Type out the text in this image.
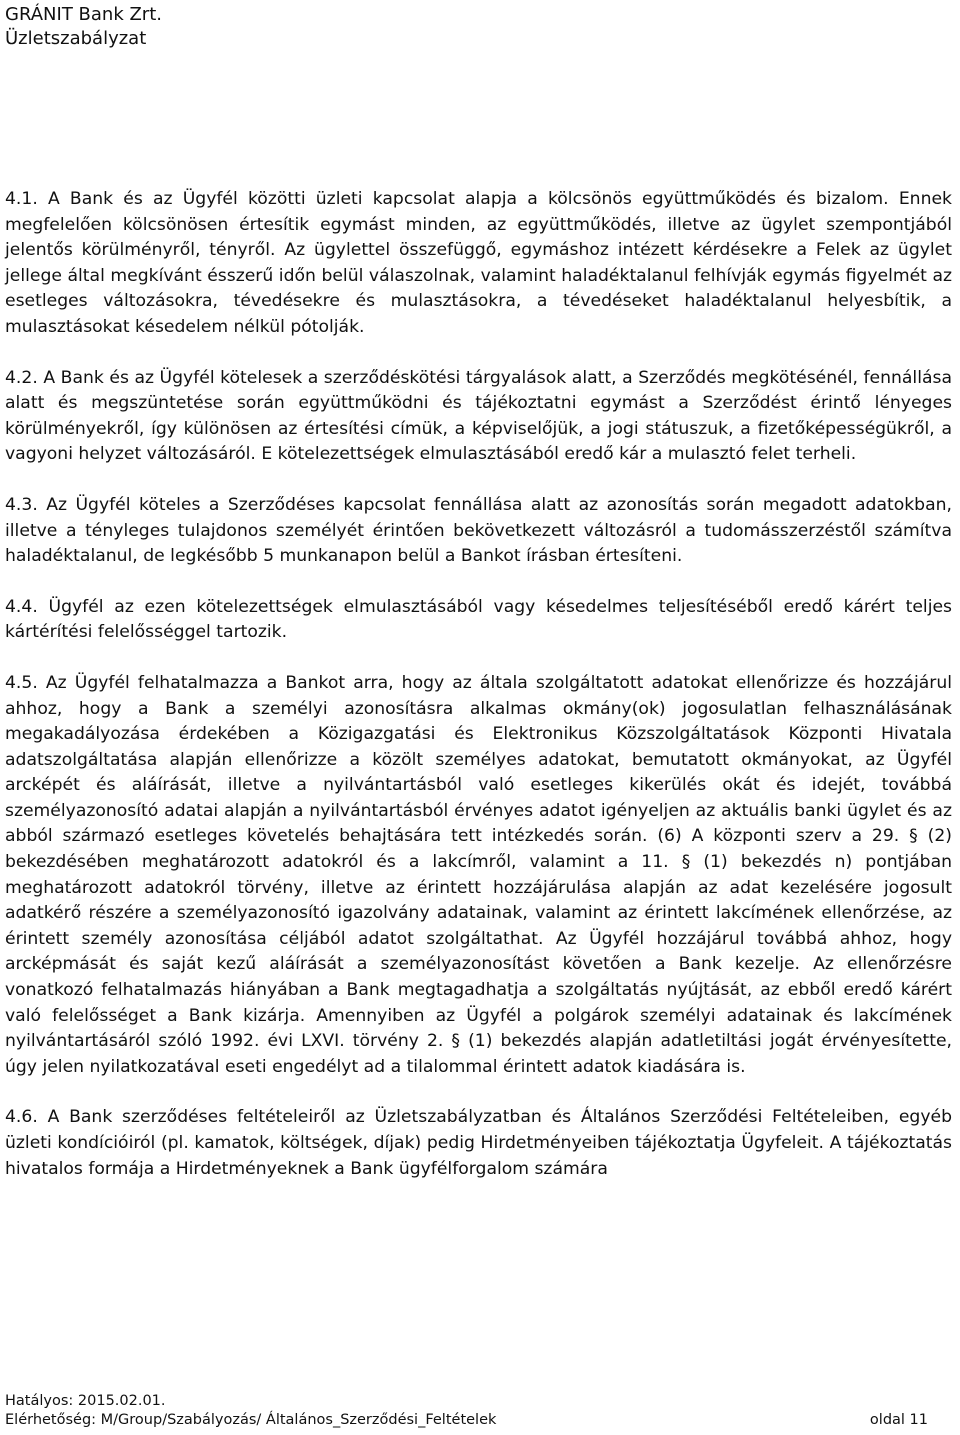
GRÁNIT Bank Zrt.
Üzletszabályzat

4.1. A Bank és az Ügyfél közötti üzleti kapcsolat alapja a kölcsönös együttműködés és bizalom. Ennek megfelelően kölcsönösen értesítik egymást minden, az együttműködés, illetve az ügylet szempontjából jelentős körülményről, tényről. Az ügylettel összefüggő, egymáshoz intézett kérdésekre a Felek az ügylet jellege által megkívánt ésszerű időn belül válaszolnak, valamint haladéktalanul felhívják egymás figyelmét az esetleges változásokra, tévedésekre és mulasztásokra, a tévedéseket haladéktalanul helyesbítik, a mulasztásokat késedelem nélkül pótolják.

4.2. A Bank és az Ügyfél kötelesek a szerződéskötési tárgyalások alatt, a Szerződés megkötésénél, fennállása alatt és megszüntetése során együttműködni és tájékoztatni egymást a Szerződést érintő lényeges körülményekről, így különösen az értesítési címük, a képviselőjük, a jogi státuszuk, a fizetőképességükről, a vagyoni helyzet változásáról. E kötelezettségek elmulasztásából eredő kár a mulasztó felet terheli.

4.3. Az Ügyfél köteles a Szerződéses kapcsolat fennállása alatt az azonosítás során megadott adatokban, illetve a tényleges tulajdonos személyét érintően bekövetkezett változásról a tudomásszerzéstől számítva haladéktalanul, de legkésőbb 5 munkanapon belül a Bankot írásban értesíteni.

4.4. Ügyfél az ezen kötelezettségek elmulasztásából vagy késedelmes teljesítéséből eredő kárért teljes kártérítési felelősséggel tartozik.

4.5. Az Ügyfél felhatalmazza a Bankot arra, hogy az általa szolgáltatott adatokat ellenőrizze és hozzájárul ahhoz, hogy a Bank a személyi azonosításra alkalmas okmány(ok) jogosulatlan felhasználásának megakadályozása érdekében a Közigazgatási és Elektronikus Közszolgáltatások Központi Hivatala adatszolgáltatása alapján ellenőrizze a közölt személyes adatokat, bemutatott okmányokat, az Ügyfél arcképét és aláírását, illetve a nyilvántartásból való esetleges kikerülés okát és idejét, továbbá személyazonosító adatai alapján a nyilvántartásból érvényes adatot igényeljen az aktuális banki ügylet és az abból származó esetleges követelés behajtására tett intézkedés során. (6) A központi szerv a 29. § (2) bekezdésében meghatározott adatokról és a lakcímről, valamint a 11. § (1) bekezdés n) pontjában meghatározott adatokról törvény, illetve az érintett hozzájárulása alapján az adat kezelésére jogosult adatkérő részére a személyazonosító igazolvány adatainak, valamint az érintett lakcímének ellenőrzése, az érintett személy azonosítása céljából adatot szolgáltathat. Az Ügyfél hozzájárul továbbá ahhoz, hogy arcképmását és saját kezű aláírását a személyazonosítást követően a Bank kezelje. Az ellenőrzésre vonatkozó felhatalmazás hiányában a Bank megtagadhatja a szolgáltatás nyújtását, az ebből eredő kárért való felelősséget a Bank kizárja. Amennyiben az Ügyfél a polgárok személyi adatainak és lakcímének nyilvántartásáról szóló 1992. évi LXVI. törvény 2. § (1) bekezdés alapján adatletiltási jogát érvényesítette, úgy jelen nyilatkozatával eseti engedélyt ad a tilalommal érintett adatok kiadására is.

4.6. A Bank szerződéses feltételeiről az Üzletszabályzatban és Általános Szerződési Feltételeiben, egyéb üzleti kondícióiról (pl. kamatok, költségek, díjak) pedig Hirdetményeiben tájékoztatja Ügyfeleit. A tájékoztatás hivatalos formája a Hirdetményeknek a Bank ügyfélforgalom számára

Hatályos: 2015.02.01.
Elérhetőség: M/Group/Szabályozás/ Általános_Szerződési_Feltételek	oldal 11
